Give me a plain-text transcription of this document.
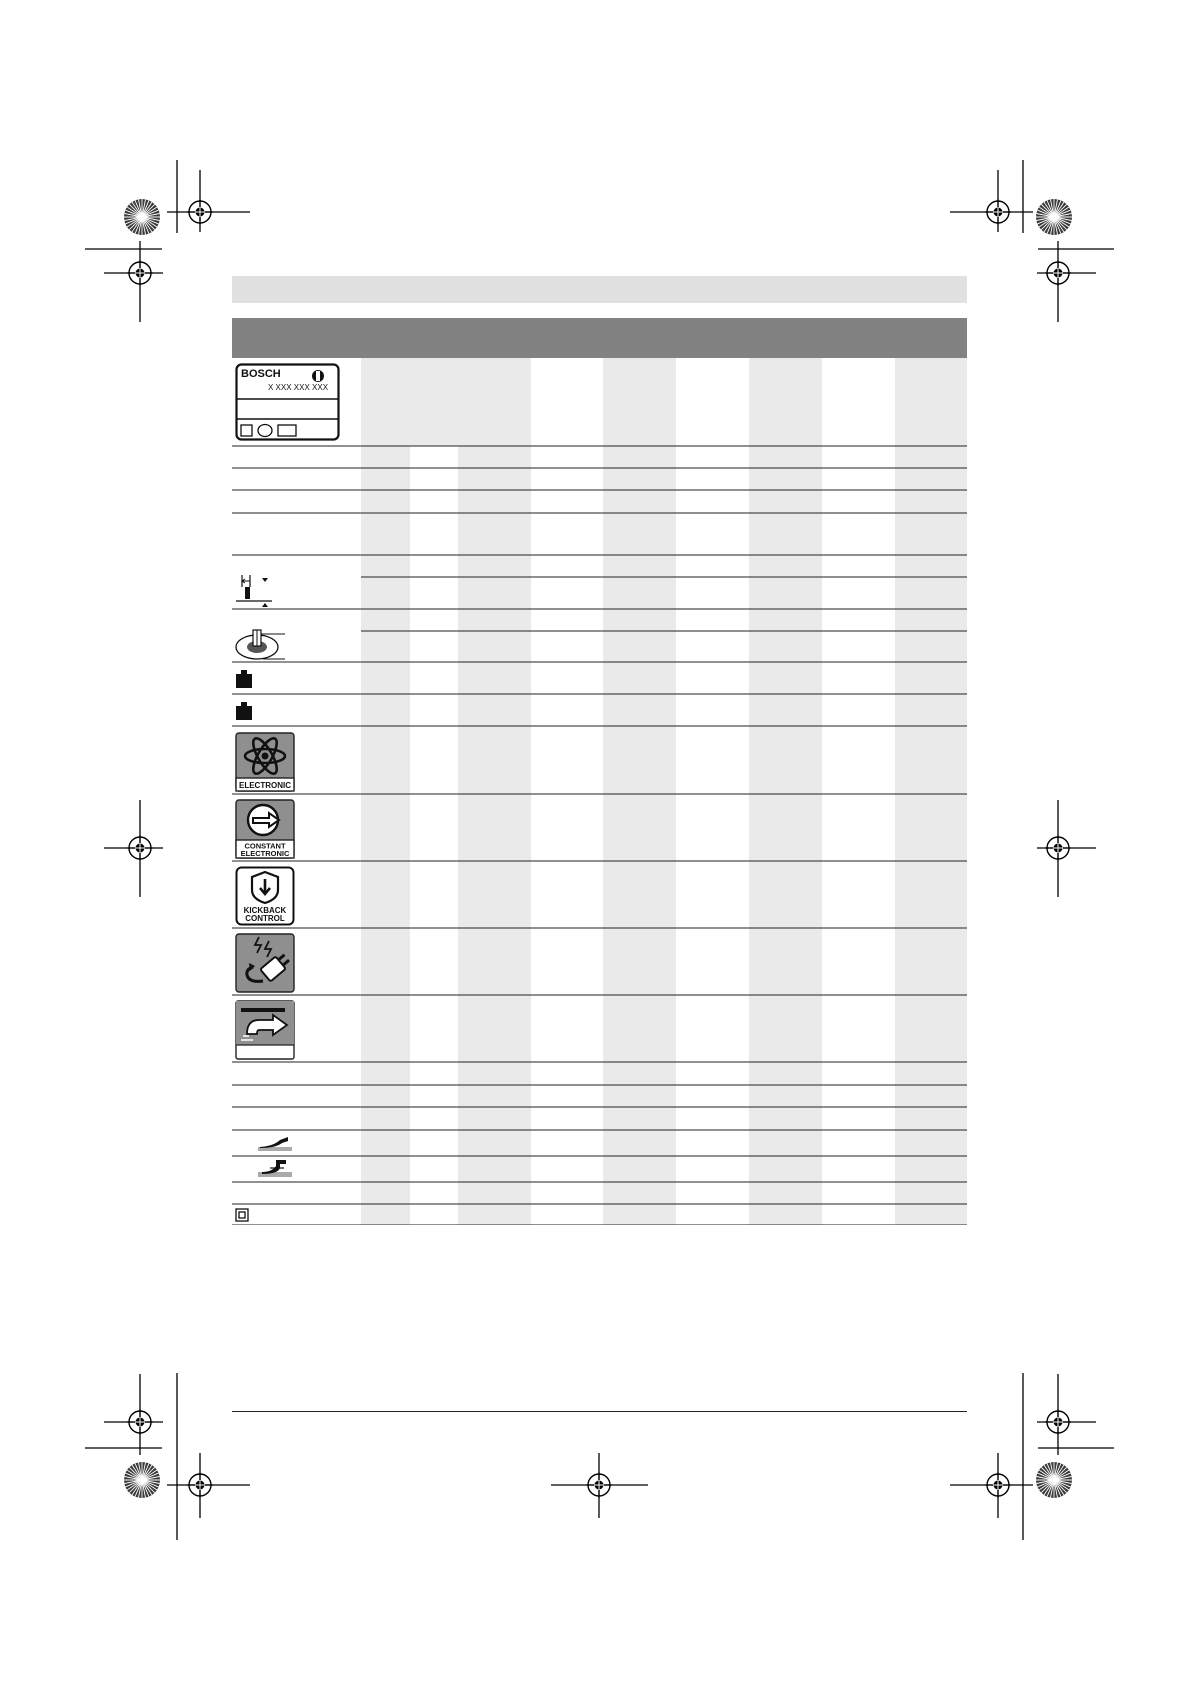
BOSCH
X XXX XXX XXX
ELECTRONIC
CONSTANT
ELECTRONIC
KICKBACK
CONTROL
